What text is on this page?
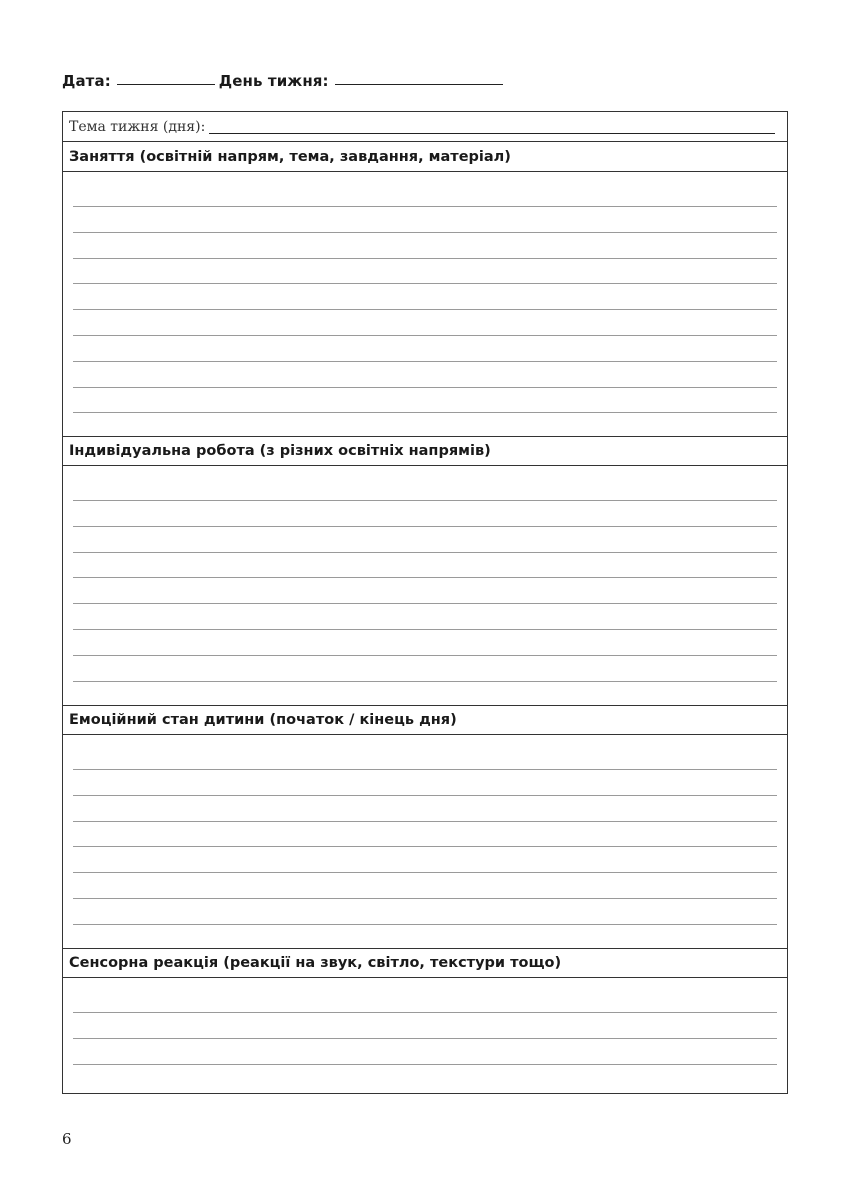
Дата:	День тижня:
Тема тижня (дня):
Заняття (освітній напрям, тема, завдання, матеріал)
Індивідуальна робота (з різних освітніх напрямів)
Емоційний стан дитини (початок / кінець дня)
Сенсорна реакція (реакції на звук, світло, текстури тощо)
6
